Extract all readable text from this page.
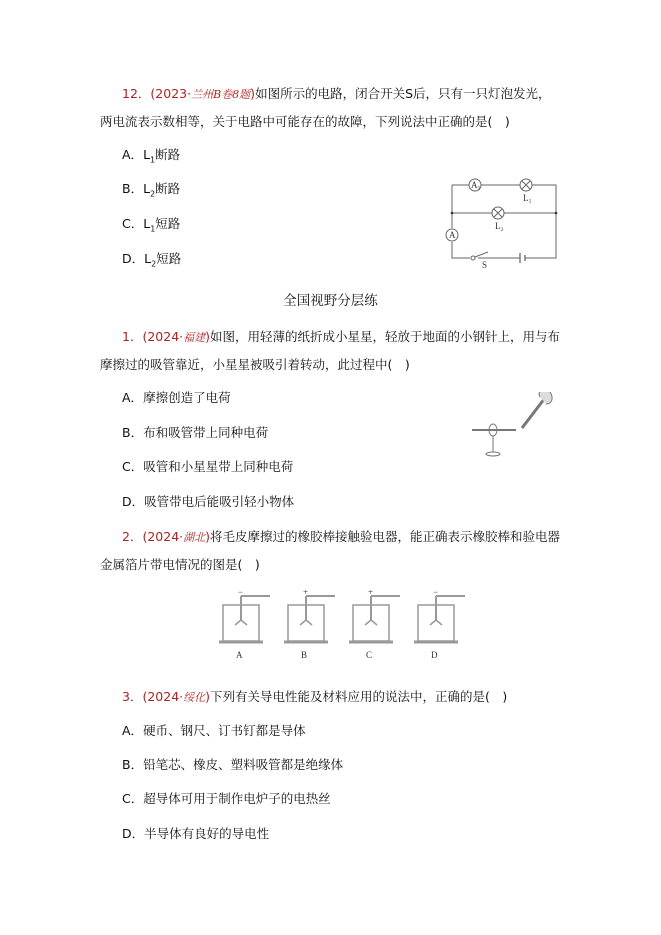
12．(2023·兰州B卷8题)如图所示的电路，闭合开关S后，只有一只灯泡发光，两电流表示数相等，关于电路中可能存在的故障，下列说法中正确的是(　)
A．$L_1$断路
B．$L_2$断路
C．$L_1$短路
D．$L_2$短路
A₁
A
L₁
L₂
S
全国视野分层练
1．(2024·福建)如图，用轻薄的纸折成小星星，轻放于地面的小钢针上，用与布摩擦过的吸管靠近，小星星被吸引着转动，此过程中(　)
A．摩擦创造了电荷
B．布和吸管带上同种电荷
C．吸管和小星星带上同种电荷
D．吸管带电后能吸引轻小物体
2．(2024·湖北)将毛皮摩擦过的橡胶棒接触验电器，能正确表示橡胶棒和验电器金属箔片带电情况的图是(　)
A
−
B
+
C
+
D
−
3．(2024·绥化)下列有关导电性能及材料应用的说法中，正确的是(　)
A．硬币、钢尺、订书钉都是导体
B．铅笔芯、橡皮、塑料吸管都是绝缘体
C．超导体可用于制作电炉子的电热丝
D．半导体有良好的导电性
